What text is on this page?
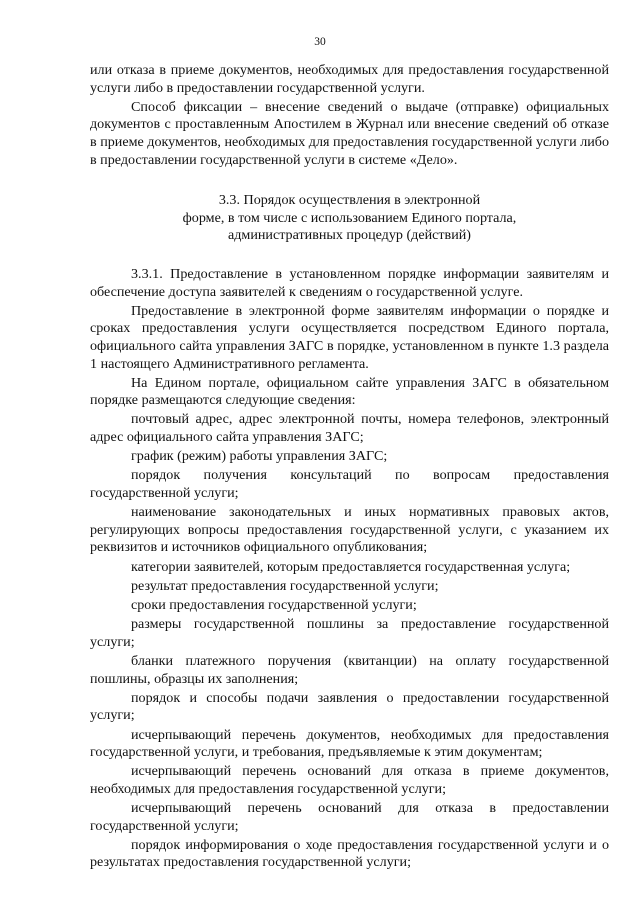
30

или отказа в приеме документов, необходимых для предоставления государственной услуги либо в предоставлении государственной услуги.

Способ фиксации – внесение сведений о выдаче (отправке) официальных документов с проставленным Апостилем в Журнал или внесение сведений об отказе в приеме документов, необходимых для предоставления государственной услуги либо в предоставлении государственной услуги в системе «Дело».

3.3. Порядок осуществления в электронной
форме, в том числе с использованием Единого портала,
административных процедур (действий)

3.3.1. Предоставление в установленном порядке информации заявителям и обеспечение доступа заявителей к сведениям о государственной услуге.

Предоставление в электронной форме заявителям информации о порядке и сроках предоставления услуги осуществляется посредством Единого портала, официального сайта управления ЗАГС в порядке, установленном в пункте 1.3 раздела 1 настоящего Административного регламента.

На Едином портале, официальном сайте управления ЗАГС в обязательном порядке размещаются следующие сведения:

почтовый адрес, адрес электронной почты, номера телефонов, электронный адрес официального сайта управления ЗАГС;

график (режим) работы управления ЗАГС;

порядок получения консультаций по вопросам предоставления государственной услуги;

наименование законодательных и иных нормативных правовых актов, регулирующих вопросы предоставления государственной услуги, с указанием их реквизитов и источников официального опубликования;

категории заявителей, которым предоставляется государственная услуга;

результат предоставления государственной услуги;

сроки предоставления государственной услуги;

размеры государственной пошлины за предоставление государственной услуги;

бланки платежного поручения (квитанции) на оплату государственной пошлины, образцы их заполнения;

порядок и способы подачи заявления о предоставлении государственной услуги;

исчерпывающий перечень документов, необходимых для предоставления государственной услуги, и требования, предъявляемые к этим документам;

исчерпывающий перечень оснований для отказа в приеме документов, необходимых для предоставления государственной услуги;

исчерпывающий перечень оснований для отказа в предоставлении государственной услуги;

порядок информирования о ходе предоставления государственной услуги и о результатах предоставления государственной услуги;
